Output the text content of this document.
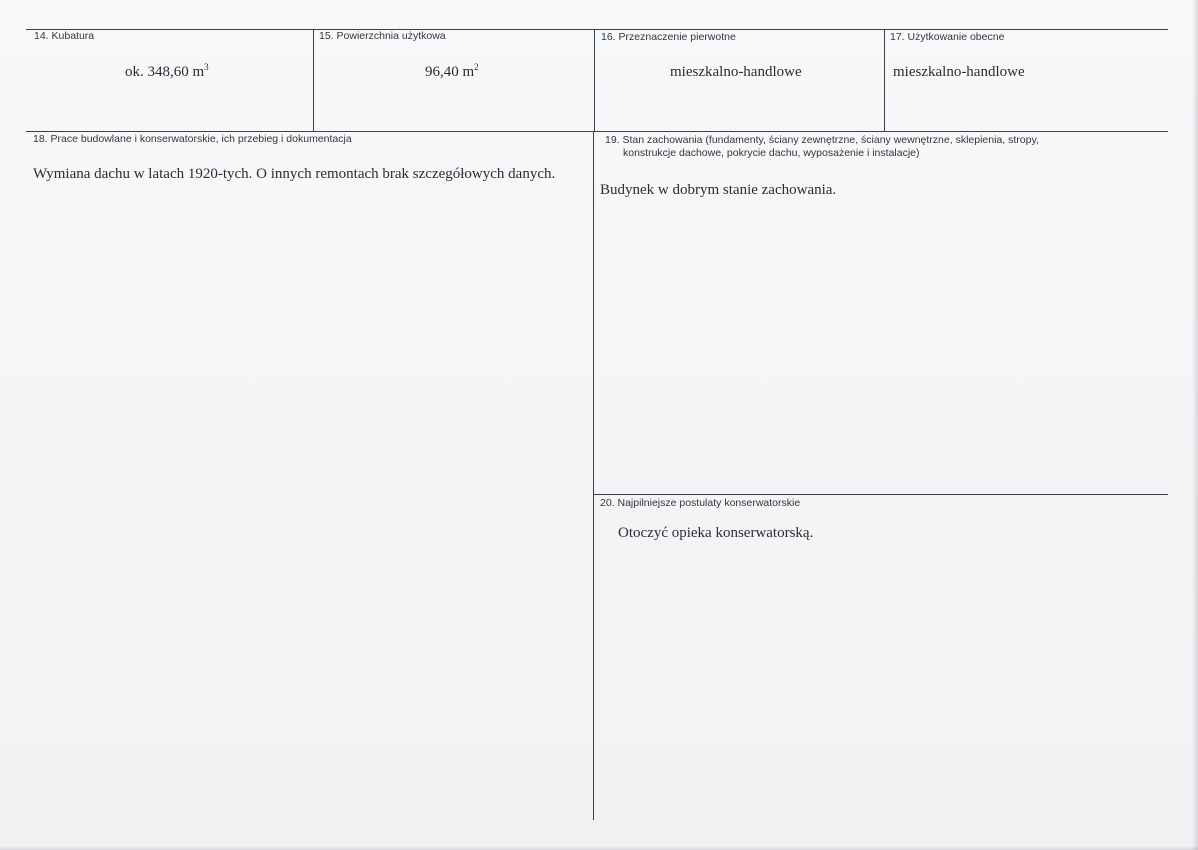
14. Kubatura
ok. 348,60 $m^3$
15. Powierzchnia użytkowa
96,40 $m^2$
16. Przeznaczenie pierwotne
mieszkalno-handlowe
17. Użytkowanie obecne
mieszkalno-handlowe
18. Prace budowlane i konserwatorskie, ich przebieg i dokumentacja
Wymiana dachu w latach 1920-tych. O innych remontach brak szczegółowych danych.
19. Stan zachowania (fundamenty, ściany zewnętrzne, ściany wewnętrzne, sklepienia, stropy,
konstrukcje dachowe, pokrycie dachu, wyposażenie i instalacje)
Budynek w dobrym stanie zachowania.
20. Najpilniejsze postulaty konserwatorskie
Otoczyć opieka konserwatorską.
